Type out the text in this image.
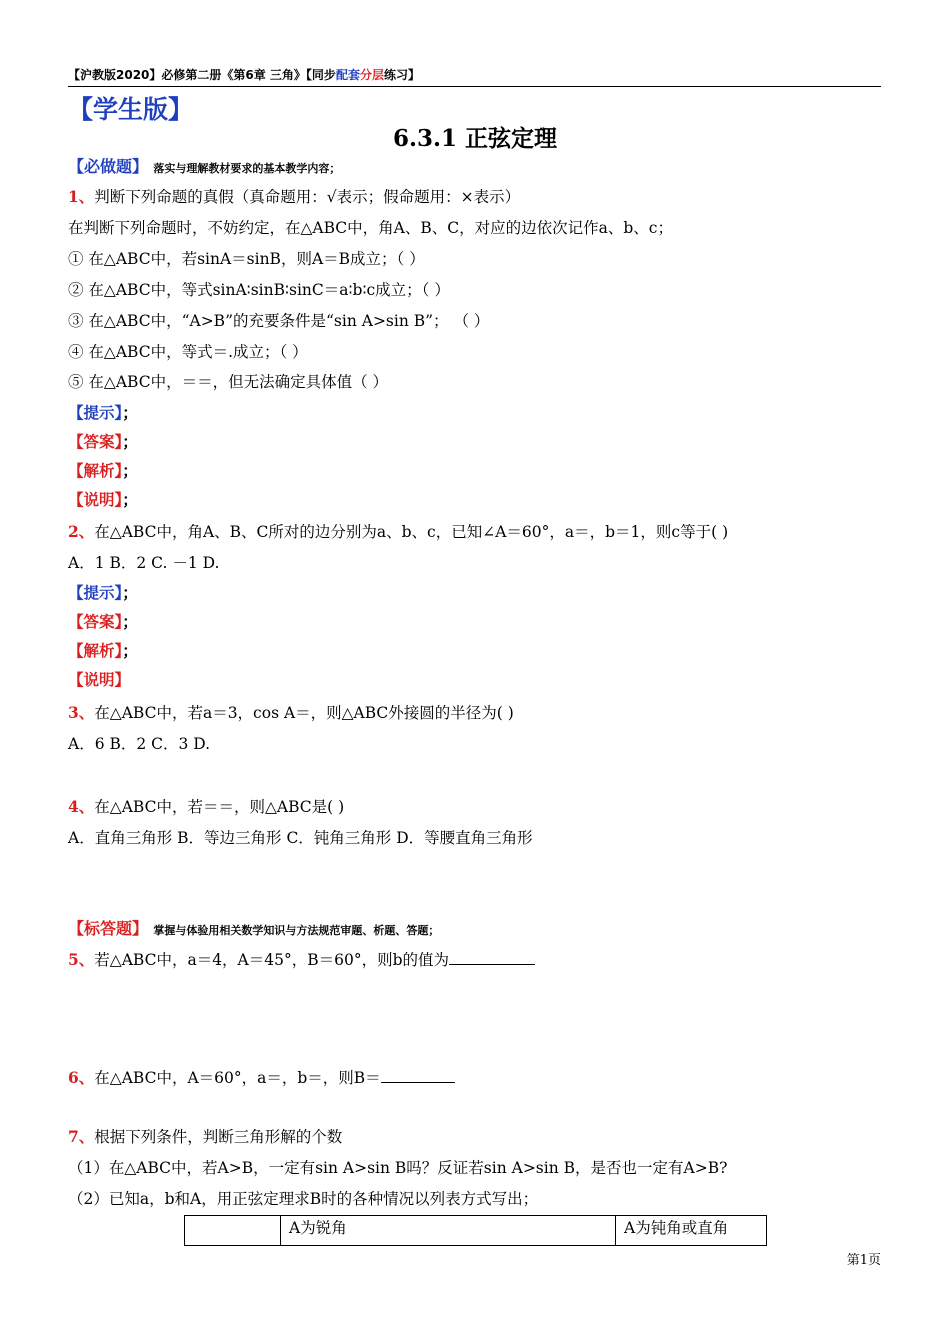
【沪教版2020】必修第二册《第6章 三角》【同步配套分层练习】
【学生版】
6.3.1 正弦定理
【必做题】 落实与理解教材要求的基本教学内容；
1、判断下列命题的真假（真命题用：√表示；假命题用：×表示）
在判断下列命题时，不妨约定，在△ABC中，角A、B、C，对应的边依次记作a、b、c；
① 在△ABC中，若sinA＝sinB，则A＝B成立；（ ）
② 在△ABC中，等式sinA∶sinB∶sinC＝a∶b∶c成立；（ ）
③ 在△ABC中，“A>B”的充要条件是“sin A>sin B”； （ ）
④ 在△ABC中，等式＝.成立；（ ）
⑤ 在△ABC中，＝＝，但无法确定具体值（ ）
【提示】；
【答案】；
【解析】；
【说明】；
2、在△ABC中，角A、B、C所对的边分别为a、b、c，已知∠A＝60°，a＝，b＝1，则c等于( )
A．1 B．2 C. －1 D.
【提示】；
【答案】；
【解析】；
【说明】
3、在△ABC中，若a＝3，cos A＝，则△ABC外接圆的半径为( )
A．6 B．2 C．3 D.
4、在△ABC中，若＝＝，则△ABC是( )
A．直角三角形 B．等边三角形 C．钝角三角形 D．等腰直角三角形
【标答题】 掌握与体验用相关数学知识与方法规范审题、析题、答题；
5、若△ABC中，a＝4，A＝45°，B＝60°，则b的值为
6、在△ABC中，A＝60°，a＝，b＝，则B＝
7、根据下列条件，判断三角形解的个数
（1）在△ABC中，若A>B，一定有sin A>sin B吗？反证若sin A>sin B，是否也一定有A>B?
（2）已知a，b和A，用正弦定理求B时的各种情况以列表方式写出；
	A为锐角	A为钝角或直角
第1页
